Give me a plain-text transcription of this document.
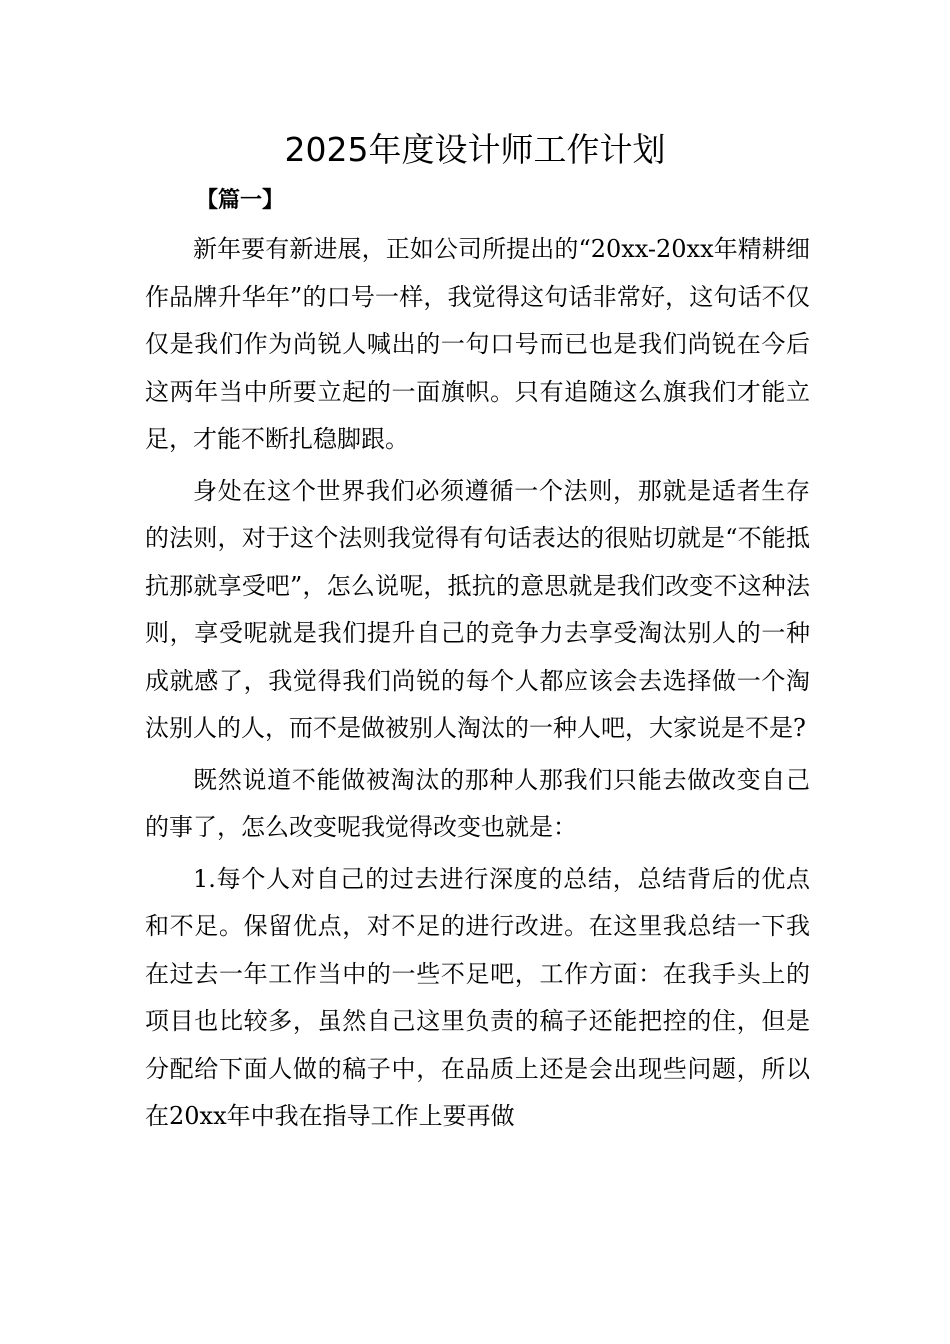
2025年度设计师工作计划
【篇一】

新年要有新进展，正如公司所提出的“20xx-20xx年精耕细作品牌升华年”的口号一样，我觉得这句话非常好，这句话不仅仅是我们作为尚锐人喊出的一句口号而已也是我们尚锐在今后这两年当中所要立起的一面旗帜。只有追随这么旗我们才能立足，才能不断扎稳脚跟。

身处在这个世界我们必须遵循一个法则，那就是适者生存的法则，对于这个法则我觉得有句话表达的很贴切就是“不能抵抗那就享受吧”，怎么说呢，抵抗的意思就是我们改变不这种法则，享受呢就是我们提升自己的竞争力去享受淘汰别人的一种成就感了，我觉得我们尚锐的每个人都应该会去选择做一个淘汰别人的人，而不是做被别人淘汰的一种人吧，大家说是不是?

既然说道不能做被淘汰的那种人那我们只能去做改变自己的事了，怎么改变呢我觉得改变也就是：

1.每个人对自己的过去进行深度的总结，总结背后的优点和不足。保留优点，对不足的进行改进。在这里我总结一下我在过去一年工作当中的一些不足吧，工作方面：在我手头上的项目也比较多，虽然自己这里负责的稿子还能把控的住，但是分配给下面人做的稿子中，在品质上还是会出现些问题，所以在20xx年中我在指导工作上要再做
